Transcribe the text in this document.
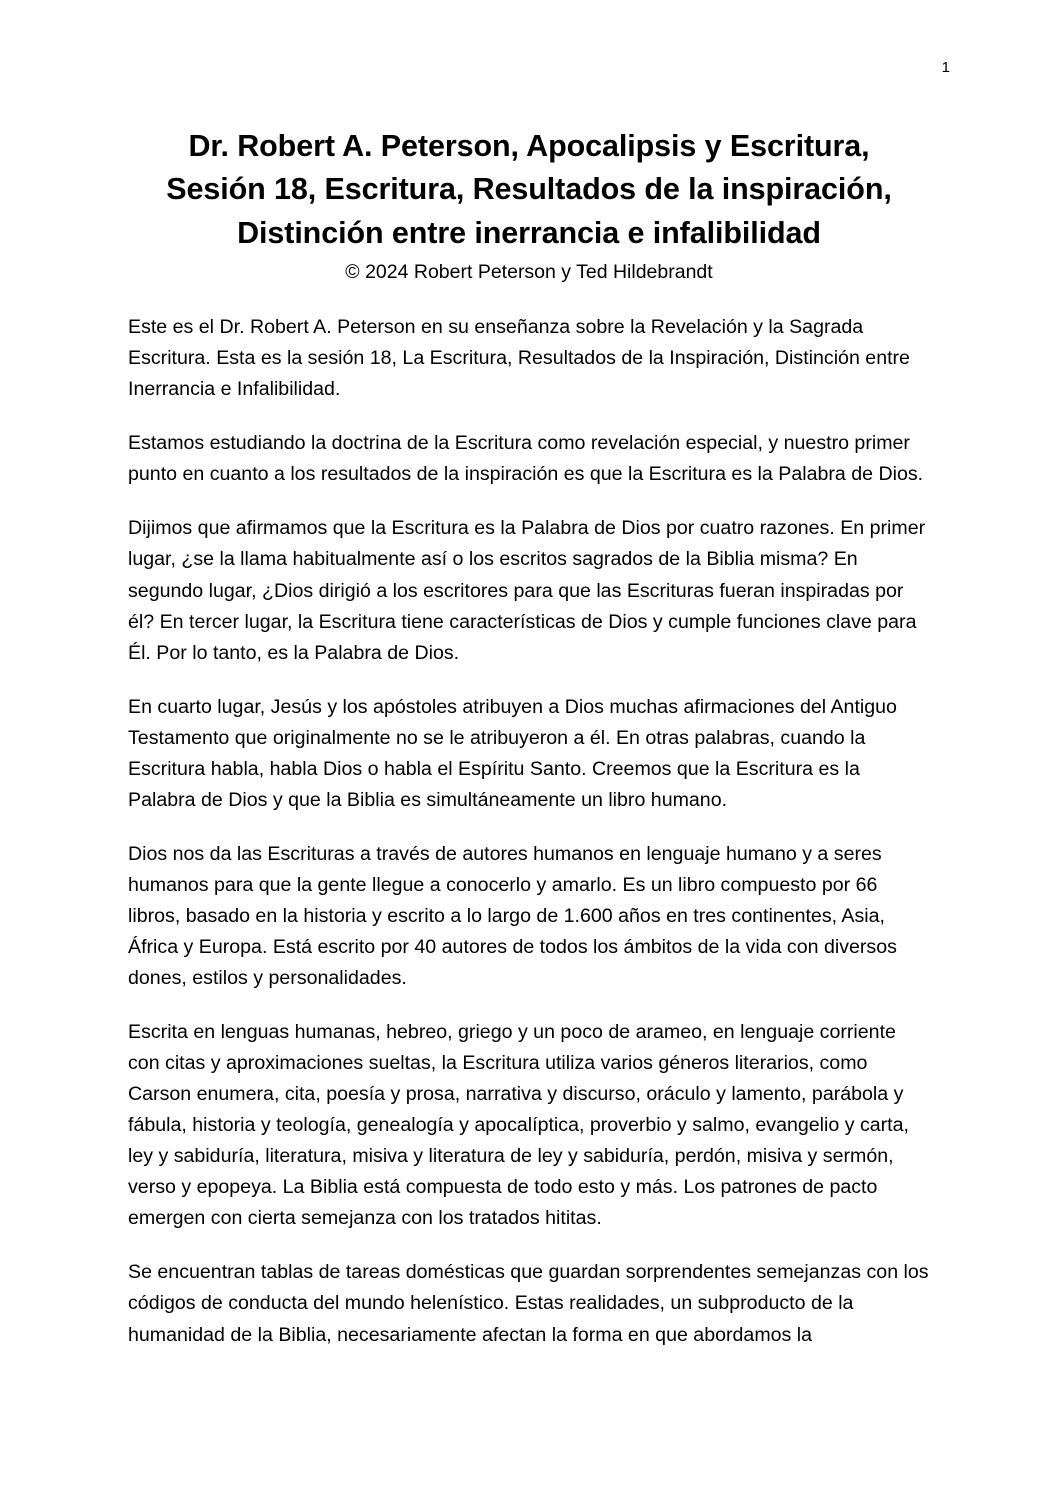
1
Dr. Robert A. Peterson, Apocalipsis y Escritura,
Sesión 18, Escritura, Resultados de la inspiración,
Distinción entre inerrancia e infalibilidad

© 2024 Robert Peterson y Ted Hildebrandt

Este es el Dr. Robert A. Peterson en su enseñanza sobre la Revelación y la Sagrada Escritura. Esta es la sesión 18, La Escritura, Resultados de la Inspiración, Distinción entre Inerrancia e Infalibilidad.

Estamos estudiando la doctrina de la Escritura como revelación especial, y nuestro primer punto en cuanto a los resultados de la inspiración es que la Escritura es la Palabra de Dios.

Dijimos que afirmamos que la Escritura es la Palabra de Dios por cuatro razones. En primer lugar, ¿se la llama habitualmente así o los escritos sagrados de la Biblia misma? En segundo lugar, ¿Dios dirigió a los escritores para que las Escrituras fueran inspiradas por él? En tercer lugar, la Escritura tiene características de Dios y cumple funciones clave para Él. Por lo tanto, es la Palabra de Dios.

En cuarto lugar, Jesús y los apóstoles atribuyen a Dios muchas afirmaciones del Antiguo Testamento que originalmente no se le atribuyeron a él. En otras palabras, cuando la Escritura habla, habla Dios o habla el Espíritu Santo. Creemos que la Escritura es la Palabra de Dios y que la Biblia es simultáneamente un libro humano.

Dios nos da las Escrituras a través de autores humanos en lenguaje humano y a seres humanos para que la gente llegue a conocerlo y amarlo. Es un libro compuesto por 66 libros, basado en la historia y escrito a lo largo de 1.600 años en tres continentes, Asia, África y Europa. Está escrito por 40 autores de todos los ámbitos de la vida con diversos dones, estilos y personalidades.

Escrita en lenguas humanas, hebreo, griego y un poco de arameo, en lenguaje corriente con citas y aproximaciones sueltas, la Escritura utiliza varios géneros literarios, como Carson enumera, cita, poesía y prosa, narrativa y discurso, oráculo y lamento, parábola y fábula, historia y teología, genealogía y apocalíptica, proverbio y salmo, evangelio y carta, ley y sabiduría, literatura, misiva y literatura de ley y sabiduría, perdón, misiva y sermón, verso y epopeya. La Biblia está compuesta de todo esto y más. Los patrones de pacto emergen con cierta semejanza con los tratados hititas.

Se encuentran tablas de tareas domésticas que guardan sorprendentes semejanzas con los códigos de conducta del mundo helenístico. Estas realidades, un subproducto de la humanidad de la Biblia, necesariamente afectan la forma en que abordamos la
